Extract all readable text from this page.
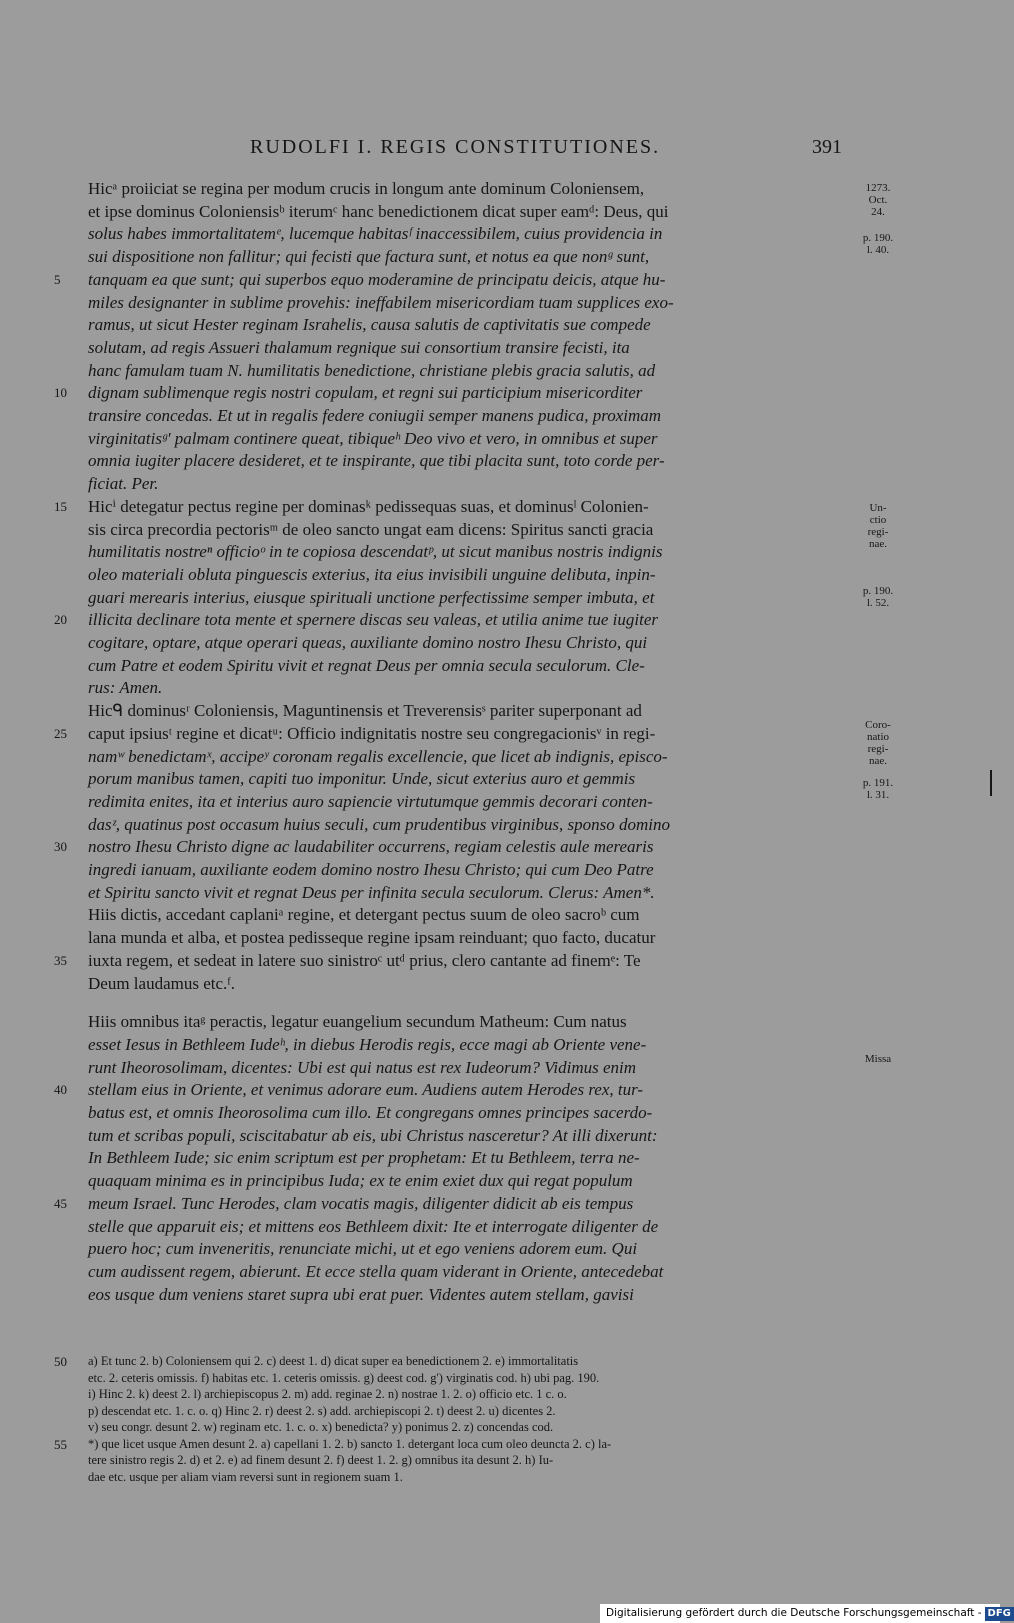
RUDOLFI I. REGIS CONSTITUTIONES.	391
Hicᵃ proiiciat se regina per modum crucis in longum ante dominum Coloniensem,
et ipse dominus Coloniensisᵇ iterumᶜ hanc benedictionem dicat super eamᵈ: Deus, qui
solus habes immortalitatemᵉ, lucemque habitasᶠ inaccessibilem, cuius providencia in
sui dispositione non fallitur; qui fecisti que factura sunt, et notus ea que nonᵍ sunt,
tanquam ea que sunt; qui superbos equo moderamine de principatu deicis, atque hu-
5
miles designanter in sublime provehis: ineffabilem misericordiam tuam supplices exo-
ramus, ut sicut Hester reginam Israhelis, causa salutis de captivitatis sue compede
solutam, ad regis Assueri thalamum regnique sui consortium transire fecisti, ita
hanc famulam tuam N. humilitatis benedictione, christiane plebis gracia salutis, ad
dignam sublimenque regis nostri copulam, et regni sui participium misericorditer
10
transire concedas. Et ut in regalis federe coniugii semper manens pudica, proximam
virginitatisᵍ' palmam continere queat, tibiqueʰ Deo vivo et vero, in omnibus et super
omnia iugiter placere desideret, et te inspirante, que tibi placita sunt, toto corde per-
ficiat. Per.
Hicⁱ detegatur pectus regine per dominasᵏ pedissequas suas, et dominusˡ Colonien-
15
sis circa precordia pectorisᵐ de oleo sancto ungat eam dicens: Spiritus sancti gracia
humilitatis nostreⁿ officioᵒ in te copiosa descendatᵖ, ut sicut manibus nostris indignis
oleo materiali obluta pinguescis exterius, ita eius invisibili unguine delibuta, inpin-
guari merearis interius, eiusque spirituali unctione perfectissime semper imbuta, et
illicita declinare tota mente et spernere discas seu valeas, et utilia anime tue iugiter
20
cogitare, optare, atque operari queas, auxiliante domino nostro Ihesu Christo, qui
cum Patre et eodem Spiritu vivit et regnat Deus per omnia secula seculorum. Cle-
rus: Amen.
Hicᑫ dominusʳ Coloniensis, Maguntinensis et Treverensisˢ pariter superponant ad
caput ipsiusᵗ regine et dicatᵘ: Officio indignitatis nostre seu congregacionisᵛ in regi-
25
namʷ benedictamˣ, accipeʸ coronam regalis excellencie, que licet ab indignis, episco-
porum manibus tamen, capiti tuo imponitur. Unde, sicut exterius auro et gemmis
redimita enites, ita et interius auro sapiencie virtutumque gemmis decorari conten-
dasᶻ, quatinus post occasum huius seculi, cum prudentibus virginibus, sponso domino
nostro Ihesu Christo digne ac laudabiliter occurrens, regiam celestis aule merearis
30
ingredi ianuam, auxiliante eodem domino nostro Ihesu Christo; qui cum Deo Patre
et Spiritu sancto vivit et regnat Deus per infinita secula seculorum. Clerus: Amen*.
Hiis dictis, accedant caplaniᵃ regine, et detergant pectus suum de oleo sacroᵇ cum
lana munda et alba, et postea pedisseque regine ipsam reinduant; quo facto, ducatur
iuxta regem, et sedeat in latere suo sinistroᶜ utᵈ prius, clero cantante ad finemᵉ: Te
35
Deum laudamus etc.ᶠ.
Hiis omnibus itaᵍ peractis, legatur euangelium secundum Matheum: Cum natus
esset Iesus in Bethleem Iudeʰ, in diebus Herodis regis, ecce magi ab Oriente vene-
runt Iheorosolimam, dicentes: Ubi est qui natus est rex Iudeorum? Vidimus enim
stellam eius in Oriente, et venimus adorare eum. Audiens autem Herodes rex, tur-
40
batus est, et omnis Iheorosolima cum illo. Et congregans omnes principes sacerdo-
tum et scribas populi, sciscitabatur ab eis, ubi Christus nasceretur? At illi dixerunt:
In Bethleem Iude; sic enim scriptum est per prophetam: Et tu Bethleem, terra ne-
quaquam minima es in principibus Iuda; ex te enim exiet dux qui regat populum
meum Israel. Tunc Herodes, clam vocatis magis, diligenter didicit ab eis tempus
45
stelle que apparuit eis; et mittens eos Bethleem dixit: Ite et interrogate diligenter de
puero hoc; cum inveneritis, renunciate michi, ut et ego veniens adorem eum. Qui
cum audissent regem, abierunt. Et ecce stella quam viderant in Oriente, antecedebat
eos usque dum veniens staret supra ubi erat puer. Videntes autem stellam, gavisi
a) Et tunc 2. b) Coloniensem qui 2. c) deest 1. d) dicat super ea benedictionem 2. e) immortalitatis
50
etc. 2. ceteris omissis. f) habitas etc. 1. ceteris omissis. g) deest cod. g') virginatis cod. h) ubi pag. 190.
i) Hinc 2. k) deest 2. l) archiepiscopus 2. m) add. reginae 2. n) nostrae 1. 2. o) officio etc. 1 c. o.
p) descendat etc. 1. c. o. q) Hinc 2. r) deest 2. s) add. archiepiscopi 2. t) deest 2. u) dicentes 2.
v) seu congr. desunt 2. w) reginam etc. 1. c. o. x) benedicta? y) ponimus 2. z) concendas cod.
*) que licet usque Amen desunt 2. a) capellani 1. 2. b) sancto 1. detergant loca cum oleo deuncta 2. c) la-
55
tere sinistro regis 2. d) et 2. e) ad finem desunt 2. f) deest 1. 2. g) omnibus ita desunt 2. h) Iu-
dae etc. usque per aliam viam reversi sunt in regionem suam 1.
1273.
Oct.
24.
p. 190.
l. 40.
Un-
ctio
regi-
nae.
p. 190.
l. 52.
Coro-
natio
regi-
nae.
p. 191.
l. 31.
Missa
Digitalisierung gefördert durch die Deutsche Forschungsgemeinschaft - DFG
